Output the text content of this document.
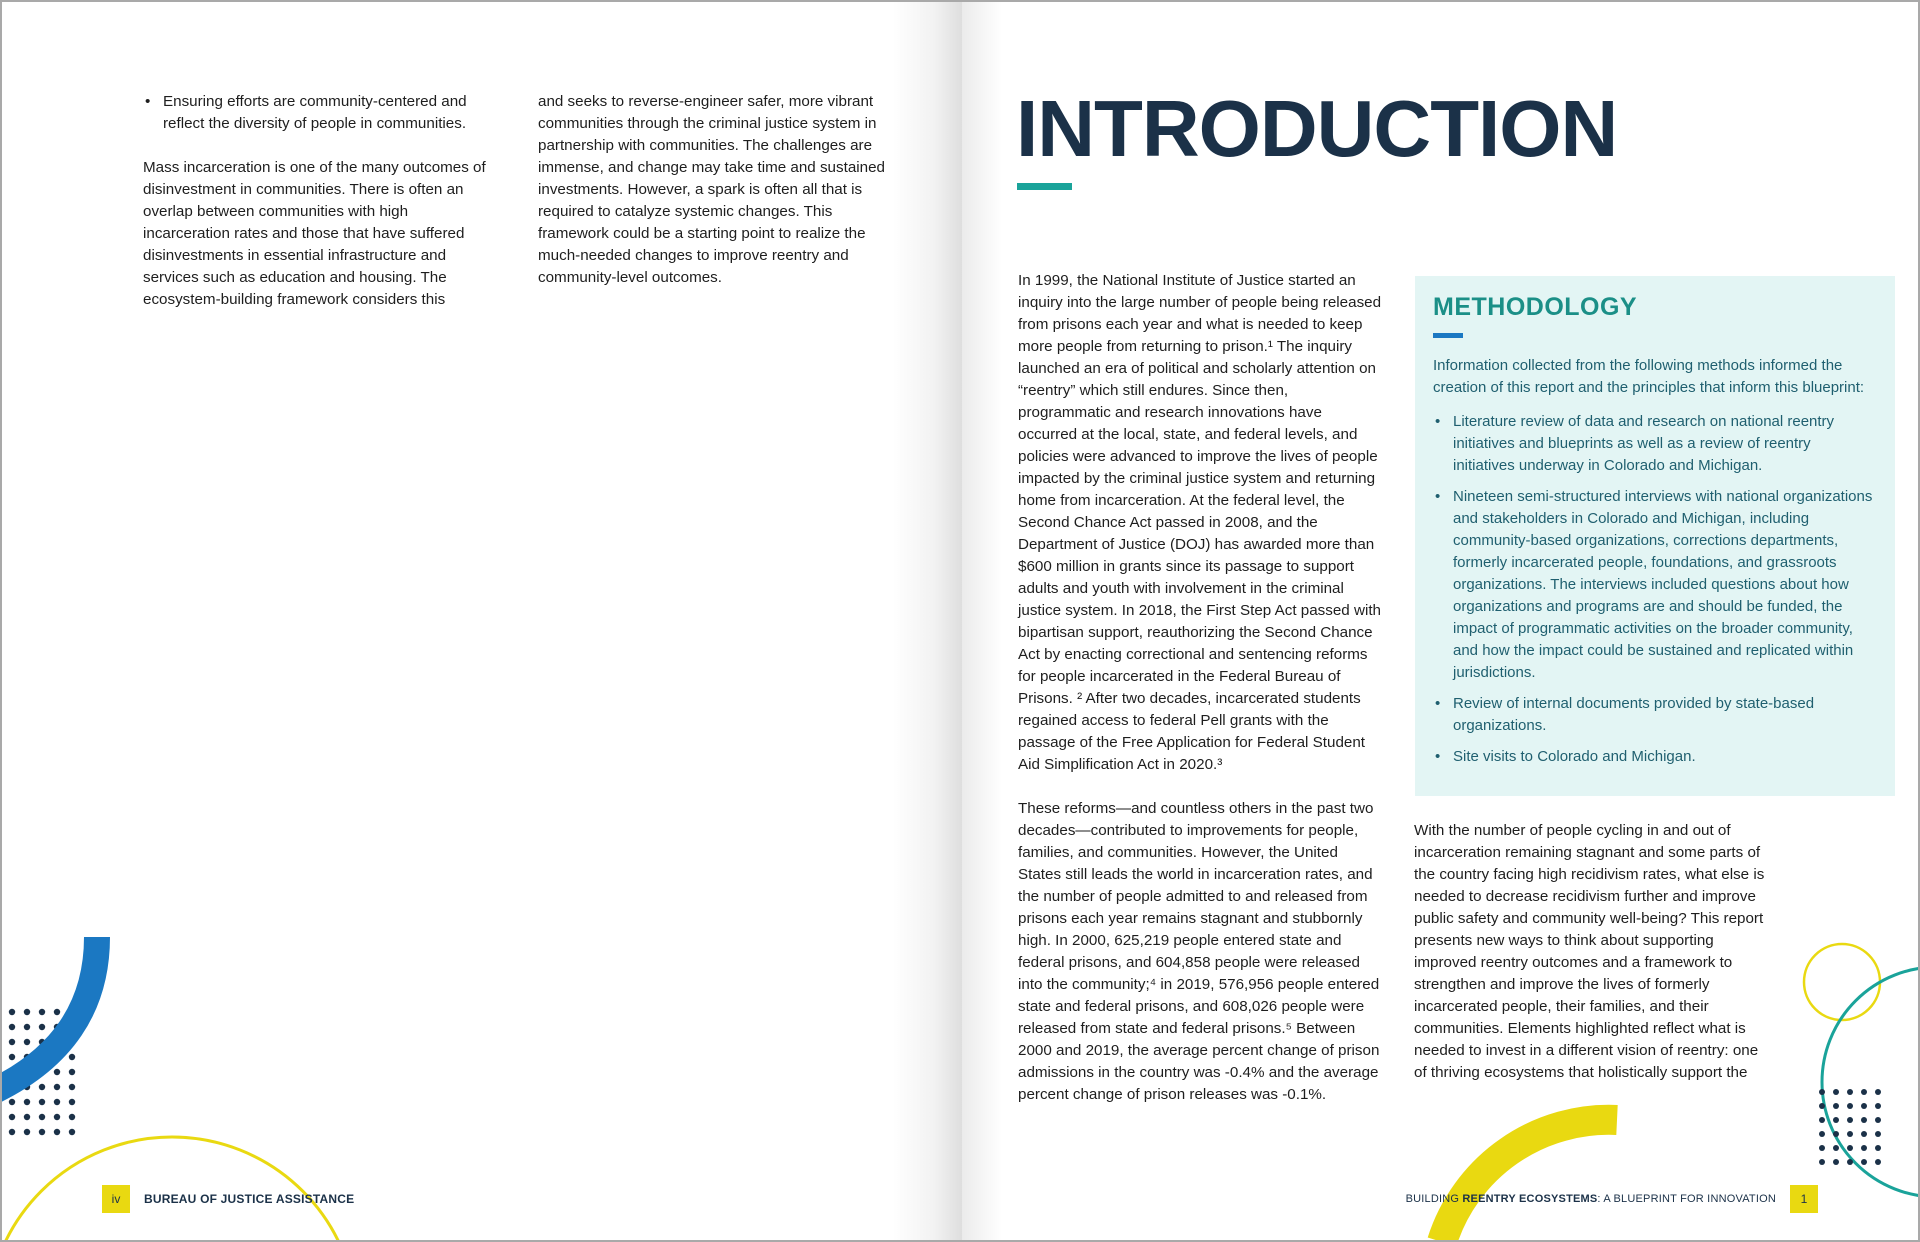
• Ensuring efforts are community-centered and reflect the diversity of people in communities.

Mass incarceration is one of the many outcomes of disinvestment in communities. There is often an overlap between communities with high incarceration rates and those that have suffered disinvestments in essential infrastructure and services such as education and housing. The ecosystem-building framework considers this

and seeks to reverse-engineer safer, more vibrant communities through the criminal justice system in partnership with communities. The challenges are immense, and change may take time and sustained investments. However, a spark is often all that is required to catalyze systemic changes. This framework could be a starting point to realize the much-needed changes to improve reentry and community-level outcomes.

iv	BUREAU OF JUSTICE ASSISTANCE
INTRODUCTION

In 1999, the National Institute of Justice started an inquiry into the large number of people being released from prisons each year and what is needed to keep more people from returning to prison.¹ The inquiry launched an era of political and scholarly attention on “reentry” which still endures. Since then, programmatic and research innovations have occurred at the local, state, and federal levels, and policies were advanced to improve the lives of people impacted by the criminal justice system and returning home from incarceration. At the federal level, the Second Chance Act passed in 2008, and the Department of Justice (DOJ) has awarded more than $600 million in grants since its passage to support adults and youth with involvement in the criminal justice system. In 2018, the First Step Act passed with bipartisan support, reauthorizing the Second Chance Act by enacting correctional and sentencing reforms for people incarcerated in the Federal Bureau of Prisons. ² After two decades, incarcerated students regained access to federal Pell grants with the passage of the Free Application for Federal Student Aid Simplification Act in 2020.³

These reforms—and countless others in the past two decades—contributed to improvements for people, families, and communities. However, the United States still leads the world in incarceration rates, and the number of people admitted to and released from prisons each year remains stagnant and stubbornly high. In 2000, 625,219 people entered state and federal prisons, and 604,858 people were released into the community;⁴ in 2019, 576,956 people entered state and federal prisons, and 608,026 people were released from state and federal prisons.⁵ Between 2000 and 2019, the average percent change of prison admissions in the country was -0.4% and the average percent change of prison releases was -0.1%.

METHODOLOGY

Information collected from the following methods informed the creation of this report and the principles that inform this blueprint:

• Literature review of data and research on national reentry initiatives and blueprints as well as a review of reentry initiatives underway in Colorado and Michigan.
• Nineteen semi-structured interviews with national organizations and stakeholders in Colorado and Michigan, including community-based organizations, corrections departments, formerly incarcerated people, foundations, and grassroots organizations. The interviews included questions about how organizations and programs are and should be funded, the impact of programmatic activities on the broader community, and how the impact could be sustained and replicated within jurisdictions.
• Review of internal documents provided by state-based organizations.
• Site visits to Colorado and Michigan.

With the number of people cycling in and out of incarceration remaining stagnant and some parts of the country facing high recidivism rates, what else is needed to decrease recidivism further and improve public safety and community well-being? This report presents new ways to think about supporting improved reentry outcomes and a framework to strengthen and improve the lives of formerly incarcerated people, their families, and their communities. Elements highlighted reflect what is needed to invest in a different vision of reentry: one of thriving ecosystems that holistically support the

BUILDING REENTRY ECOSYSTEMS: A BLUEPRINT FOR INNOVATION	1
